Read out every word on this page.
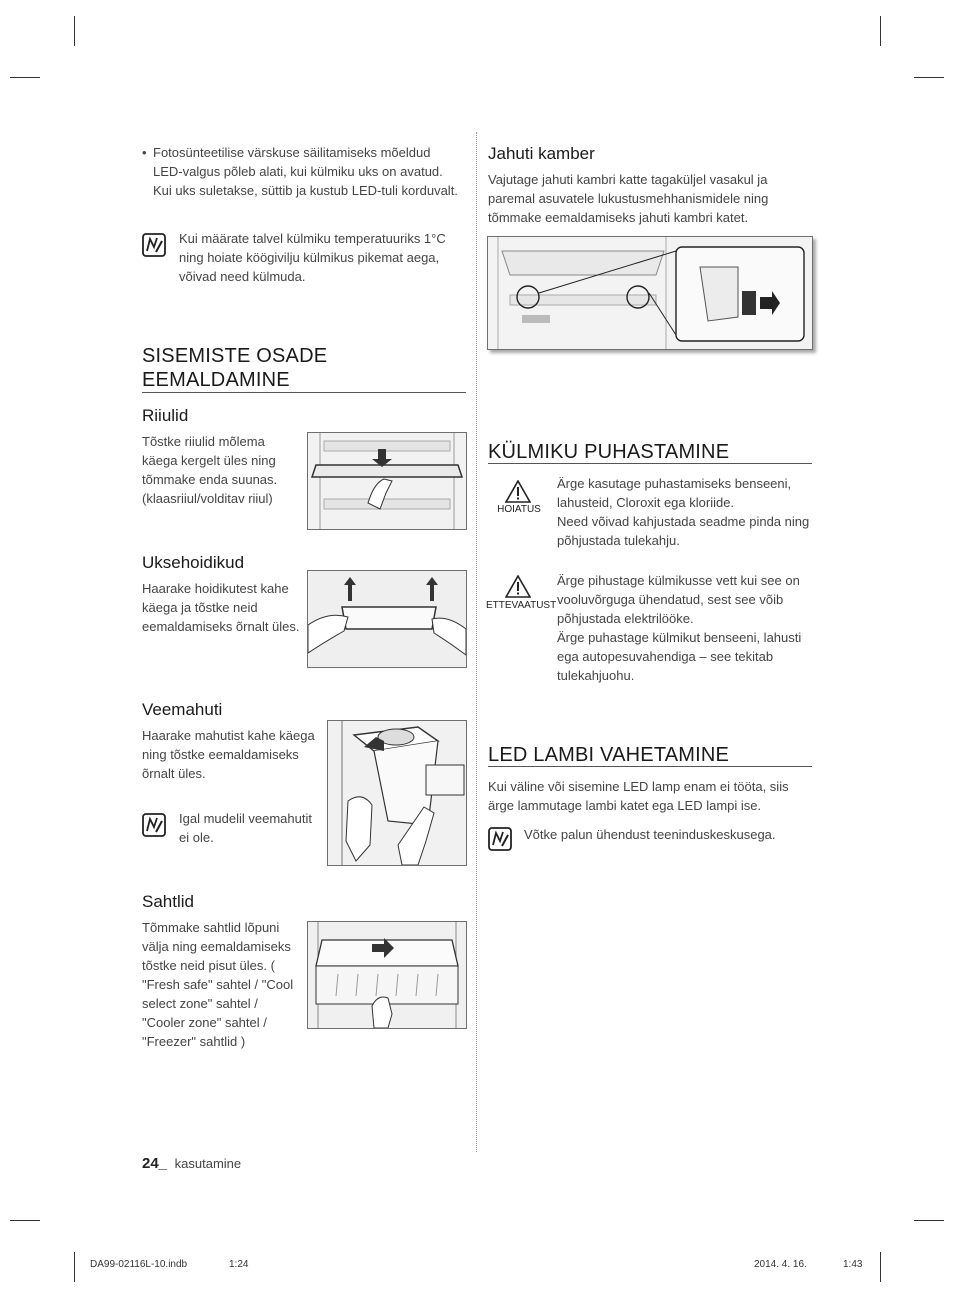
• Fotosünteetilise värskuse säilitamiseks mõeldud LED-valgus põleb alati, kui külmiku uks on avatud. Kui uks suletakse, süttib ja kustub LED-tuli korduvalt.
Kui määrate talvel külmiku temperatuuriks 1°C ning hoiate köögivilju külmikus pikemat aega, võivad need külmuda.
SISEMISTE OSADE
EEMALDAMINE
Riiulid
Tõstke riiulid mõlema käega kergelt üles ning tõmmake enda suunas. (klaasriiul/volditav riiul)
Uksehoidikud
Haarake hoidikutest kahe käega ja tõstke neid eemaldamiseks õrnalt üles.
Veemahuti
Haarake mahutist kahe käega ning tõstke eemaldamiseks õrnalt üles.
Igal mudelil veemahutit ei ole.
Sahtlid
Tõmmake sahtlid lõpuni välja ning eemaldamiseks tõstke neid pisut üles. ( "Fresh safe" sahtel / "Cool select zone" sahtel / "Cooler zone" sahtel / "Freezer" sahtlid )
Jahuti kamber
Vajutage jahuti kambri katte tagaküljel vasakul ja paremal asuvatele lukustusmehhanismidele ning tõmmake eemaldamiseks jahuti kambri katet.
KÜLMIKU PUHASTAMINE
HOIATUS

Ärge kasutage puhastamiseks benseeni, lahusteid, Cloroxit ega kloriide.

Need võivad kahjustada seadme pinda ning põhjustada tulekahju.

ETTEVAATUST

Ärge pihustage külmikusse vett kui see on vooluvõrguga ühendatud, sest see võib põhjustada elektrilööke.

Ärge puhastage külmikut benseeni, lahusti ega autopesuvahendiga – see tekitab tulekahjuohu.

LED LAMBI VAHETAMINE
Kui väline või sisemine LED lamp enam ei tööta, siis ärge lammutage lambi katet ega LED lampi ise.
Võtke palun ühendust teeninduskeskusega.
24_ kasutamine
DA99-02116L-10.indb	1:24	2014. 4. 16.	1:43
